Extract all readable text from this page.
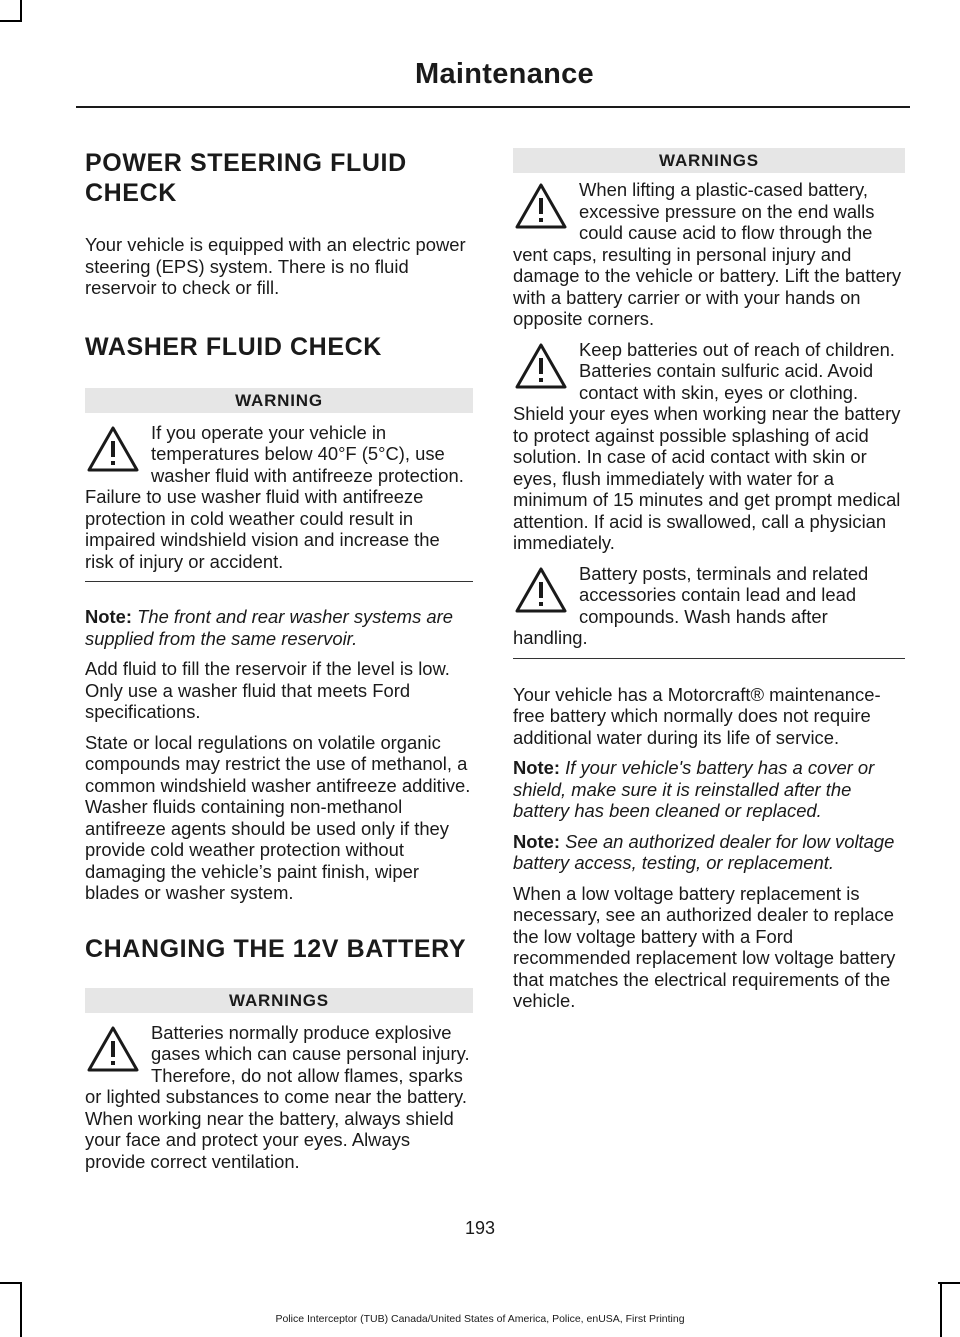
Maintenance
POWER STEERING FLUID
CHECK

Your vehicle is equipped with an electric power steering (EPS) system. There is no fluid reservoir to check or fill.

WASHER FLUID CHECK
WARNING
If you operate your vehicle in temperatures below 40°F (5°C), use washer fluid with antifreeze protection. Failure to use washer fluid with antifreeze protection in cold weather could result in impaired windshield vision and increase the risk of injury or accident.

Note: The front and rear washer systems are supplied from the same reservoir.

Add fluid to fill the reservoir if the level is low. Only use a washer fluid that meets Ford specifications.

State or local regulations on volatile organic compounds may restrict the use of methanol, a common windshield washer antifreeze additive. Washer fluids containing non-methanol antifreeze agents should be used only if they provide cold weather protection without damaging the vehicle’s paint finish, wiper blades or washer system.

CHANGING THE 12V BATTERY
WARNINGS
Batteries normally produce explosive gases which can cause personal injury. Therefore, do not allow flames, sparks or lighted substances to come near the battery. When working near the battery, always shield your face and protect your eyes. Always provide correct ventilation.
WARNINGS
When lifting a plastic-cased battery, excessive pressure on the end walls could cause acid to flow through the vent caps, resulting in personal injury and damage to the vehicle or battery. Lift the battery with a battery carrier or with your hands on opposite corners.
Keep batteries out of reach of children. Batteries contain sulfuric acid. Avoid contact with skin, eyes or clothing. Shield your eyes when working near the battery to protect against possible splashing of acid solution. In case of acid contact with skin or eyes, flush immediately with water for a minimum of 15 minutes and get prompt medical attention. If acid is swallowed, call a physician immediately.
Battery posts, terminals and related accessories contain lead and lead compounds. Wash hands after handling.

Your vehicle has a Motorcraft® maintenance-free battery which normally does not require additional water during its life of service.

Note: If your vehicle's battery has a cover or shield, make sure it is reinstalled after the battery has been cleaned or replaced.

Note: See an authorized dealer for low voltage battery access, testing, or replacement.

When a low voltage battery replacement is necessary, see an authorized dealer to replace the low voltage battery with a Ford recommended replacement low voltage battery that matches the electrical requirements of the vehicle.

193
Police Interceptor (TUB) Canada/United States of America, Police, enUSA, First Printing
